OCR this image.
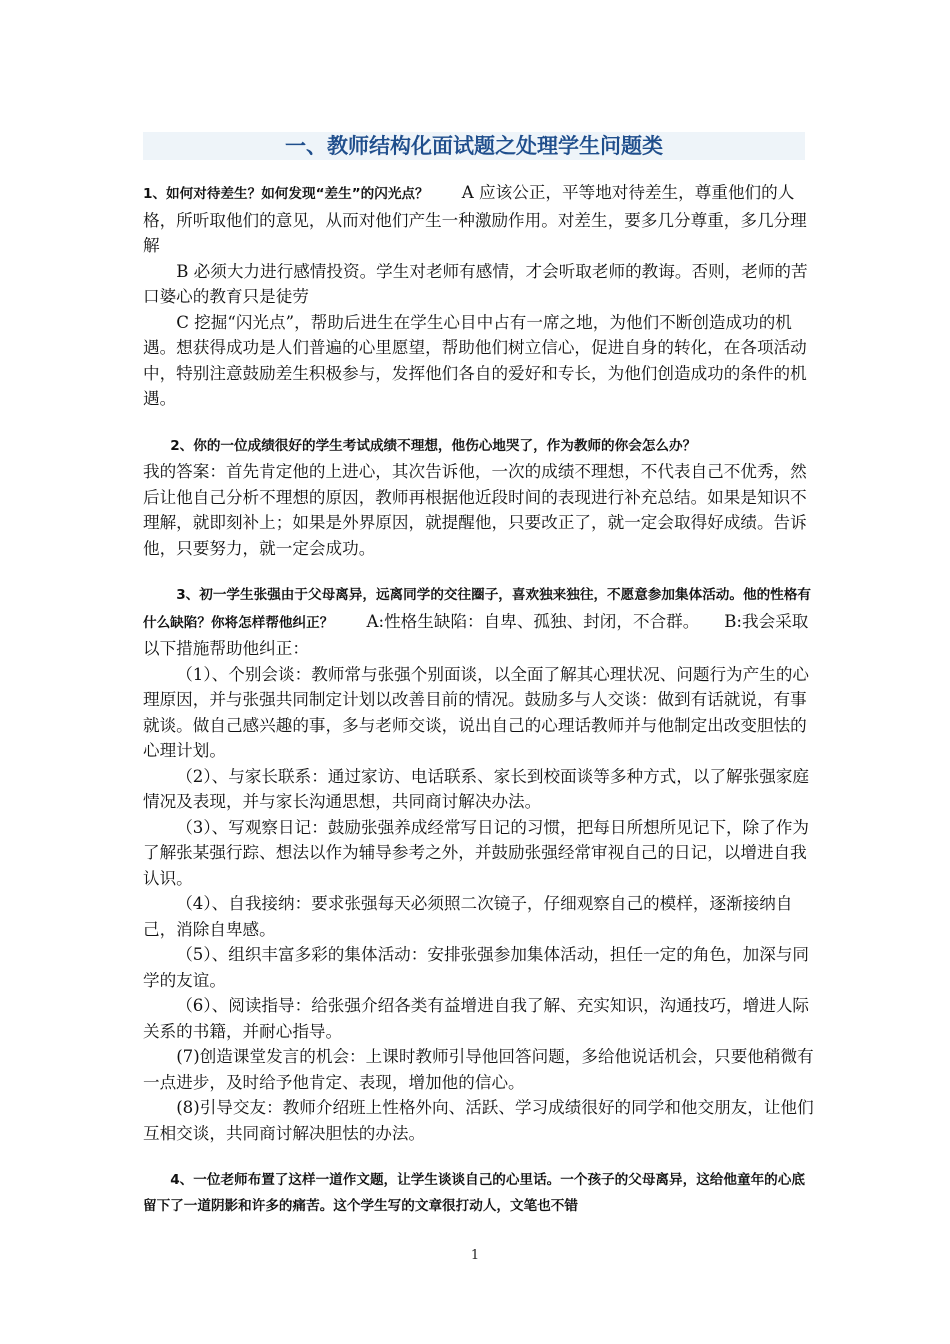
一、教师结构化面试题之处理学生问题类

1、如何对待差生？如何发现“差生”的闪光点？　　A 应该公正，平等地对待差生，尊重他们的人格，所听取他们的意见，从而对他们产生一种激励作用。对差生，要多几分尊重，多几分理解

B 必须大力进行感情投资。学生对老师有感情，才会听取老师的教诲。否则，老师的苦口婆心的教育只是徒劳

C 挖掘“闪光点”，帮助后进生在学生心目中占有一席之地，为他们不断创造成功的机遇。想获得成功是人们普遍的心里愿望，帮助他们树立信心，促进自身的转化，在各项活动中，特别注意鼓励差生积极参与，发挥他们各自的爱好和专长，为他们创造成功的条件的机遇。

2、你的一位成绩很好的学生考试成绩不理想，他伤心地哭了，作为教师的你会怎么办？

我的答案：首先肯定他的上进心，其次告诉他，一次的成绩不理想，不代表自己不优秀，然后让他自己分析不理想的原因，教师再根据他近段时间的表现进行补充总结。如果是知识不理解，就即刻补上；如果是外界原因，就提醒他，只要改正了，就一定会取得好成绩。告诉他，只要努力，就一定会成功。

3、初一学生张强由于父母离异，远离同学的交往圈子，喜欢独来独往，不愿意参加集体活动。他的性格有什么缺陷？你将怎样帮他纠正？　　A:性格生缺陷：自卑、孤独、封闭，不合群。　　B:我会采取以下措施帮助他纠正：

（1）、个别会谈：教师常与张强个别面谈，以全面了解其心理状况、问题行为产生的心理原因，并与张强共同制定计划以改善目前的情况。鼓励多与人交谈：做到有话就说，有事就谈。做自己感兴趣的事，多与老师交谈，说出自己的心理话教师并与他制定出改变胆怯的心理计划。

（2）、与家长联系：通过家访、电话联系、家长到校面谈等多种方式，以了解张强家庭情况及表现，并与家长沟通思想，共同商讨解决办法。

（3）、写观察日记：鼓励张强养成经常写日记的习惯，把每日所想所见记下，除了作为了解张某强行踪、想法以作为辅导参考之外，并鼓励张强经常审视自己的日记，以增进自我认识。

（4）、自我接纳：要求张强每天必须照二次镜子，仔细观察自己的模样，逐渐接纳自己，消除自卑感。

（5）、组织丰富多彩的集体活动：安排张强参加集体活动，担任一定的角色，加深与同学的友谊。

（6）、阅读指导：给张强介绍各类有益增进自我了解、充实知识，沟通技巧，增进人际关系的书籍，并耐心指导。

(7)创造课堂发言的机会：上课时教师引导他回答问题，多给他说话机会，只要他稍微有一点进步，及时给予他肯定、表现，增加他的信心。

(8)引导交友：教师介绍班上性格外向、活跃、学习成绩很好的同学和他交朋友，让他们互相交谈，共同商讨解决胆怯的办法。

4、一位老师布置了这样一道作文题，让学生谈谈自己的心里话。一个孩子的父母离异，这给他童年的心底留下了一道阴影和许多的痛苦。这个学生写的文章很打动人，文笔也不错

1
